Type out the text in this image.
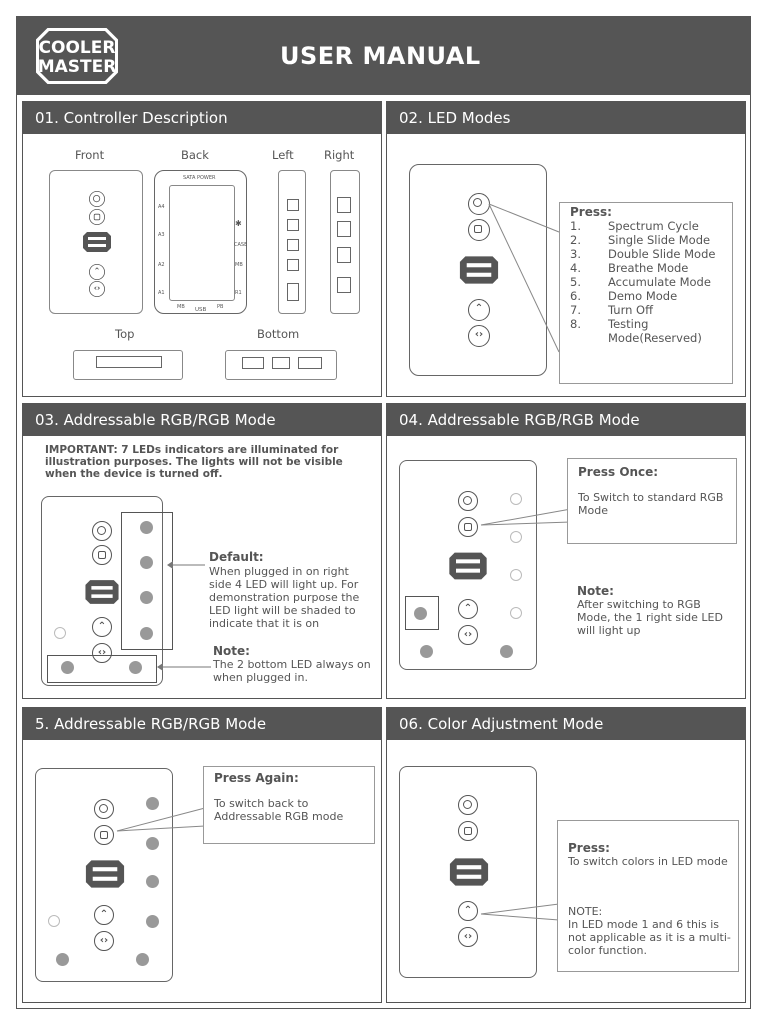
COOLER
MASTER	USER MANUAL
01. Controller Description
Front	Back	Left	Right
⌃
‹›
SATA POWER
A4
A3
A2
A1
✱
CASE
MB
R1
MB USB PB
Top	Bottom
02. LED Modes
⌃
‹›
Press:
1. Spectrum Cycle
2. Single Slide Mode
3. Double Slide Mode
4. Breathe Mode
5. Accumulate Mode
6. Demo Mode
7. Turn Off
8. Testing Mode(Reserved)
03. Addressable RGB/RGB Mode
IMPORTANT: 7 LEDs indicators are illuminated for illustration purposes. The lights will not be visible when the device is turned off.
⌃
‹›
Default:
When plugged in on right side 4 LED will light up. For demonstration purpose the LED light will be shaded to indicate that it is on
Note:
The 2 bottom LED always on when plugged in.
04. Addressable RGB/RGB Mode
⌃
‹›
Press Once:
To Switch to standard RGB Mode
Note:
After switching to RGB Mode, the 1 right side LED will light up
5. Addressable RGB/RGB Mode
⌃
‹›
Press Again:
To switch back to Addressable RGB mode
06. Color Adjustment Mode
⌃
‹›
Press:
To switch colors in LED mode
NOTE:
In LED mode 1 and 6 this is not applicable as it is a multi-color function.
